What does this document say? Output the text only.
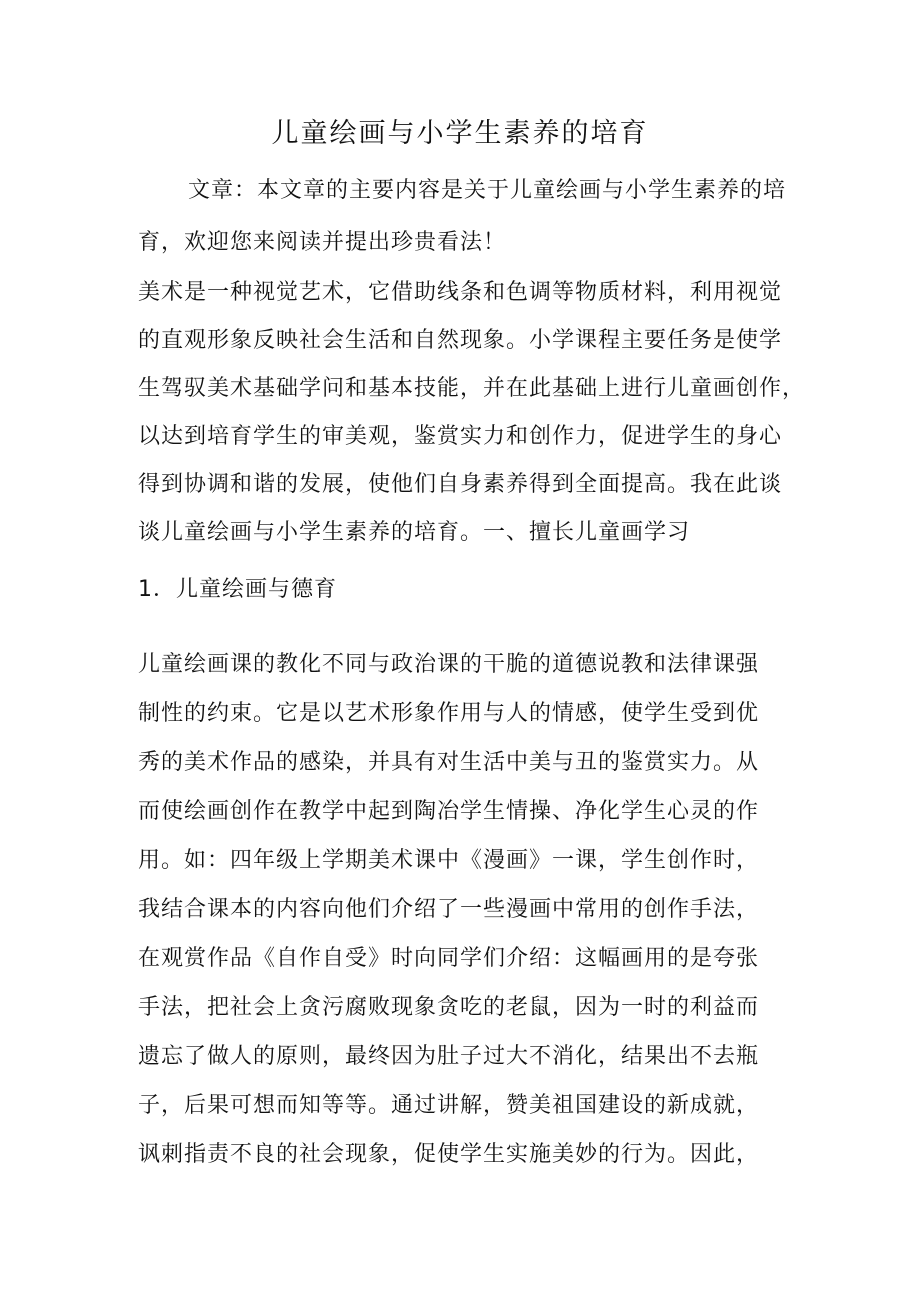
儿童绘画与小学生素养的培育

文章：本文章的主要内容是关于儿童绘画与小学生素养的培

育，欢迎您来阅读并提出珍贵看法！

美术是一种视觉艺术，它借助线条和色调等物质材料，利用视觉

的直观形象反映社会生活和自然现象。小学课程主要任务是使学

生驾驭美术基础学问和基本技能，并在此基础上进行儿童画创作，

以达到培育学生的审美观，鉴赏实力和创作力，促进学生的身心

得到协调和谐的发展，使他们自身素养得到全面提高。我在此谈

谈儿童绘画与小学生素养的培育。一、擅长儿童画学习

1．儿童绘画与德育

儿童绘画课的教化不同与政治课的干脆的道德说教和法律课强

制性的约束。它是以艺术形象作用与人的情感，使学生受到优

秀的美术作品的感染，并具有对生活中美与丑的鉴赏实力。从

而使绘画创作在教学中起到陶冶学生情操、净化学生心灵的作

用。如：四年级上学期美术课中《漫画》一课，学生创作时，

我结合课本的内容向他们介绍了一些漫画中常用的创作手法，

在观赏作品《自作自受》时向同学们介绍：这幅画用的是夸张

手法，把社会上贪污腐败现象贪吃的老鼠，因为一时的利益而

遗忘了做人的原则，最终因为肚子过大不消化，结果出不去瓶

子，后果可想而知等等。通过讲解，赞美祖国建设的新成就，

讽刺指责不良的社会现象，促使学生实施美妙的行为。因此，
